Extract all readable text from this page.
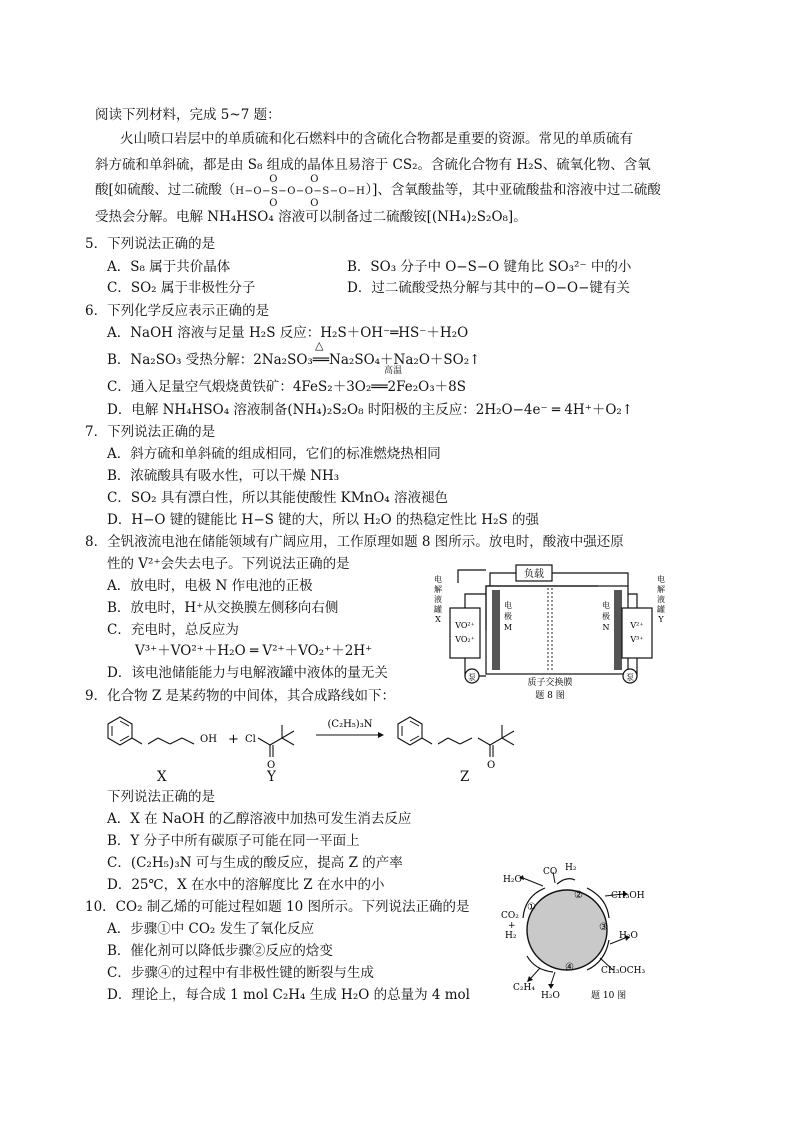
阅读下列材料，完成 5~7 题：
火山喷口岩层中的单质硫和化石燃料中的含硫化合物都是重要的资源。常见的单质硫有
斜方硫和单斜硫，都是由 S₈ 组成的晶体且易溶于 CS₂。含硫化合物有 H₂S、硫氧化物、含氧
酸[如硫酸、过二硫酸（H−O−S−O−O−S−O−H
O
O
O
O
）]、含氧酸盐等，其中亚硫酸盐和溶液中过二硫酸
受热会分解。电解 NH₄HSO₄ 溶液可以制备过二硫酸铵[(NH₄)₂S₂O₈]。
5．下列说法正确的是
A．S₈ 属于共价晶体	B．SO₃ 分子中 O−S−O 键角比 SO₃²⁻ 中的小
C．SO₂ 属于非极性分子	D．过二硫酸受热分解与其中的−O−O−键有关
6．下列化学反应表示正确的是
A．NaOH 溶液与足量 H₂S 反应：H₂S＋OH⁻═HS⁻＋H₂O
B．Na₂SO₃ 受热分解：2Na₂SO₃══Na₂SO₄＋Na₂O＋SO₂↑
△
C．通入足量空气煅烧黄铁矿：4FeS₂＋3O₂══2Fe₂O₃＋8S
高温
D．电解 NH₄HSO₄ 溶液制备(NH₄)₂S₂O₈ 时阳极的主反应：2H₂O−4e⁻ ═ 4H⁺＋O₂↑
7．下列说法正确的是
A．斜方硫和单斜硫的组成相同，它们的标准燃烧热相同
B．浓硫酸具有吸水性，可以干燥 NH₃
C．SO₂ 具有漂白性，所以其能使酸性 KMnO₄ 溶液褪色
D．H−O 键的键能比 H−S 键的大，所以 H₂O 的热稳定性比 H₂S 的强
8．全钒液流电池在储能领域有广阔应用，工作原理如题 8 图所示。放电时，酸液中强还原
性的 V²⁺会失去电子。下列说法正确的是
A．放电时，电极 N 作电池的正极
B．放电时，H⁺从交换膜左侧移向右侧
C．充电时，总反应为
V³⁺＋VO²⁺＋H₂O ═ V²⁺＋VO₂⁺＋2H⁺
D．该电池储能能力与电解液罐中液体的量无关
负载
泵	泵
电
解
液
罐
X
VO²⁺
VO₂⁺
电
极
M
电
极
N	V²⁺
V³⁺
电
解
液
罐
Y
质子交换膜
题 8 图
9．化合物 Z 是某药物的中间体，其合成路线如下：
OH + Cl
O
(C₂H₅)₃N
O
X	Y	Z
下列说法正确的是
A．X 在 NaOH 的乙醇溶液中加热可发生消去反应
B．Y 分子中所有碳原子可能在同一平面上
C．(C₂H₅)₃N 可与生成的酸反应，提高 Z 的产率
D．25℃，X 在水中的溶解度比 Z 在水中的小
10．CO₂ 制乙烯的可能过程如题 10 图所示。下列说法正确的是
A．步骤①中 CO₂ 发生了氧化反应
B．催化剂可以降低步骤②反应的焓变
C．步骤④的过程中有非极性键的断裂与生成
D．理论上，每合成 1 mol C₂H₄ 生成 H₂O 的总量为 4 mol
H₂O
CO H₂
CO₂
+
H₂
CH₃OH
H₂O
CH₃OCH₃
C₂H₄
H₂O
①
②
③
④
题 10 图
